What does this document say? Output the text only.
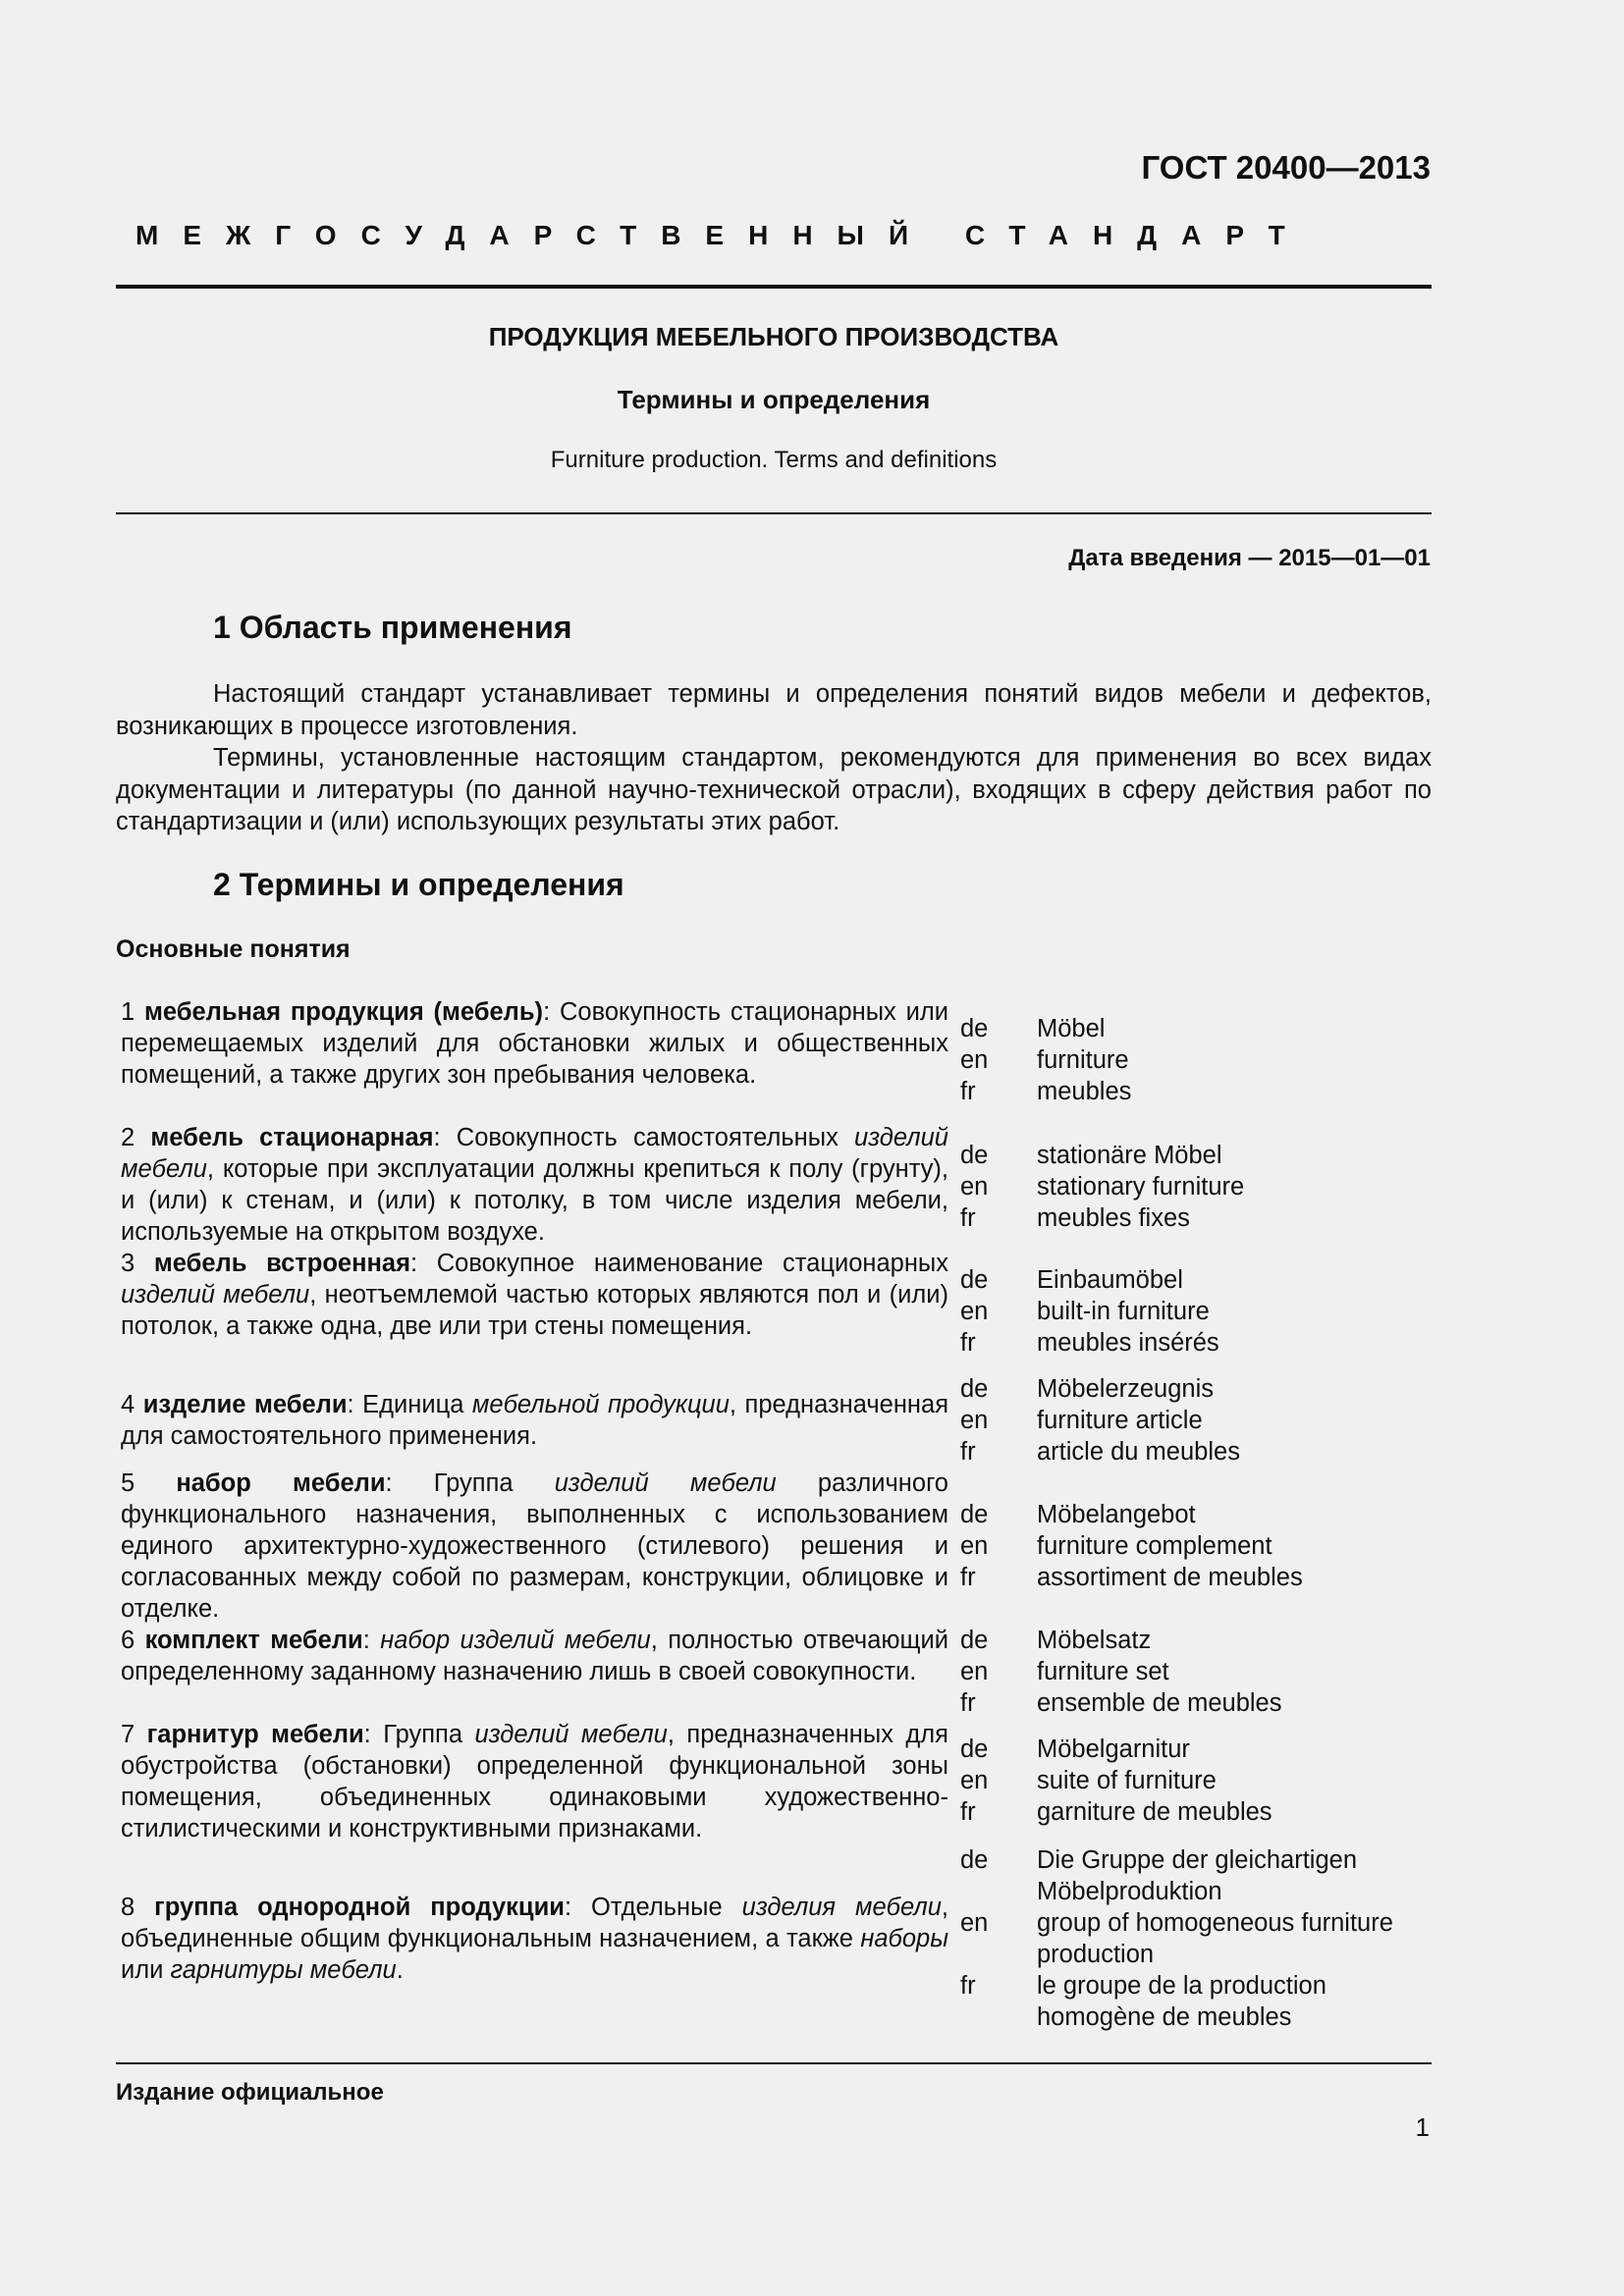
ГОСТ 20400—2013
МЕЖГОСУДАРСТВЕННЫЙ СТАНДАРТ
ПРОДУКЦИЯ МЕБЕЛЬНОГО ПРОИЗВОДСТВА
Термины и определения
Furniture production. Terms and definitions
Дата введения — 2015—01—01
1 Область применения

Настоящий стандарт устанавливает термины и определения понятий видов мебели и дефектов, возникающих в процессе изготовления.

Термины, установленные настоящим стандартом, рекомендуются для применения во всех видах документации и литературы (по данной научно-технической отрасли), входящих в сферу действия работ по стандартизации и (или) использующих результаты этих работ.

2 Термины и определения
Основные понятия
1 мебельная продукция (мебель): Совокупность стационарных или перемещаемых изделий для обстановки жилых и общественных помещений, а также других зон пребывания человека.
de
en
fr
Möbel
furniture
meubles
2 мебель стационарная: Совокупность самостоятельных изделий мебели, которые при эксплуатации должны крепиться к полу (грунту), и (или) к стенам, и (или) к потолку, в том числе изделия мебели, используемые на открытом воздухе.
de
en
fr
stationäre Möbel
stationary furniture
meubles fixes
3 мебель встроенная: Совокупное наименование стационарных изделий мебели, неотъемлемой частью которых являются пол и (или) потолок, а также одна, две или три стены помещения.
de
en
fr
Einbaumöbel
built-in furniture
meubles insérés
4 изделие мебели: Единица мебельной продукции, предназначенная для самостоятельного применения.
de
en
fr
Möbelerzeugnis
furniture article
article du meubles
5 набор мебели: Группа изделий мебели различного функционального назначения, выполненных с использованием единого архитектурно-художественного (стилевого) решения и согласованных между собой по размерам, конструкции, облицовке и отделке.
de
en
fr
Möbelangebot
furniture complement
assortiment de meubles
6 комплект мебели: набор изделий мебели, полностью отвечающий определенному заданному назначению лишь в своей совокупности.
de
en
fr
Möbelsatz
furniture set
ensemble de meubles
7 гарнитур мебели: Группа изделий мебели, предназначенных для обустройства (обстановки) определенной функциональной зоны помещения, объединенных одинаковыми художественно-стилистическими и конструктивными признаками.
de
en
fr
Möbelgarnitur
suite of furniture
garniture de meubles
8 группа однородной продукции: Отдельные изделия мебели, объединенные общим функциональным назначением, а также наборы или гарнитуры мебели.
de
en
fr
Die Gruppe der gleichartigen Möbelproduktion
group of homogeneous furniture production
le groupe de la production homogène de meubles
Издание официальное
1
